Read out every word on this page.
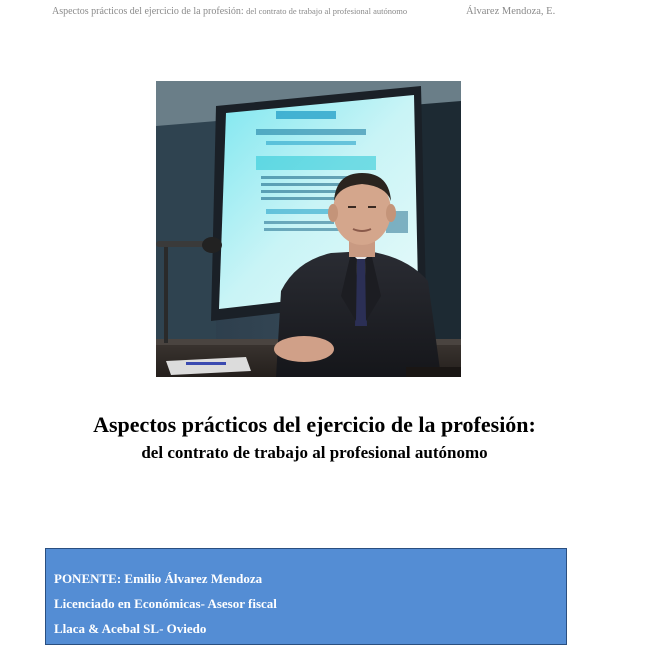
Aspectos prácticos del ejercicio de la profesión: del contrato de trabajo al profesional autónomo	Álvarez Mendoza, E.
Aspectos prácticos del ejercicio de la profesión:
del contrato de trabajo al profesional autónomo
PONENTE: Emilio Álvarez Mendoza
Licenciado en Económicas- Asesor fiscal
Llaca & Acebal SL- Oviedo
